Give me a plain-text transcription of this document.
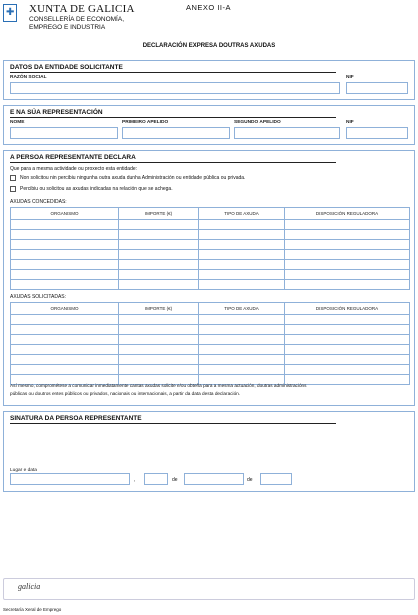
✚ XUNTA DE GALICIA
CONSELLERÍA DE ECONOMÍA,
EMPREGO E INDUSTRIA
ANEXO II-A
DECLARACIÓN EXPRESA DOUTRAS AXUDAS
DATOS DA ENTIDADE SOLICITANTE
RAZÓN SOCIAL	NIF
E NA SÚA REPRESENTACIÓN
NOME	PRIMEIRO APELIDO	SEGUNDO APELIDO	NIF
A PERSOA REPRESENTANTE DECLARA
Que para a mesma actividade ou proxecto esta entidade:
Non solicitou nin percibiu ningunha outra axuda dunha Administración ou entidade pública ou privada.
Percibiu ou solicitou as axudas indicadas na relación que se achega.
AXUDAS CONCEDIDAS:
ORGANISMO	IMPORTE (€)	TIPO DE AXUDA	DISPOSICIÓN REGULADORA

AXUDAS SOLICITADAS:
ORGANISMO	IMPORTE (€)	TIPO DE AXUDA	DISPOSICIÓN REGULADORA

Así mesmo, comprométese a comunicar inmediatamente cantas axudas solicite e/ou obteña para a mesma actuación, doutras administracións
públicas ou doutros entes públicos ou privados, nacionais ou internacionais, a partir da data desta declaración.
SINATURA DA PERSOA REPRESENTANTE
Lugar e data
,	de	de
galicia
Secretaría Xeral de Emprego
